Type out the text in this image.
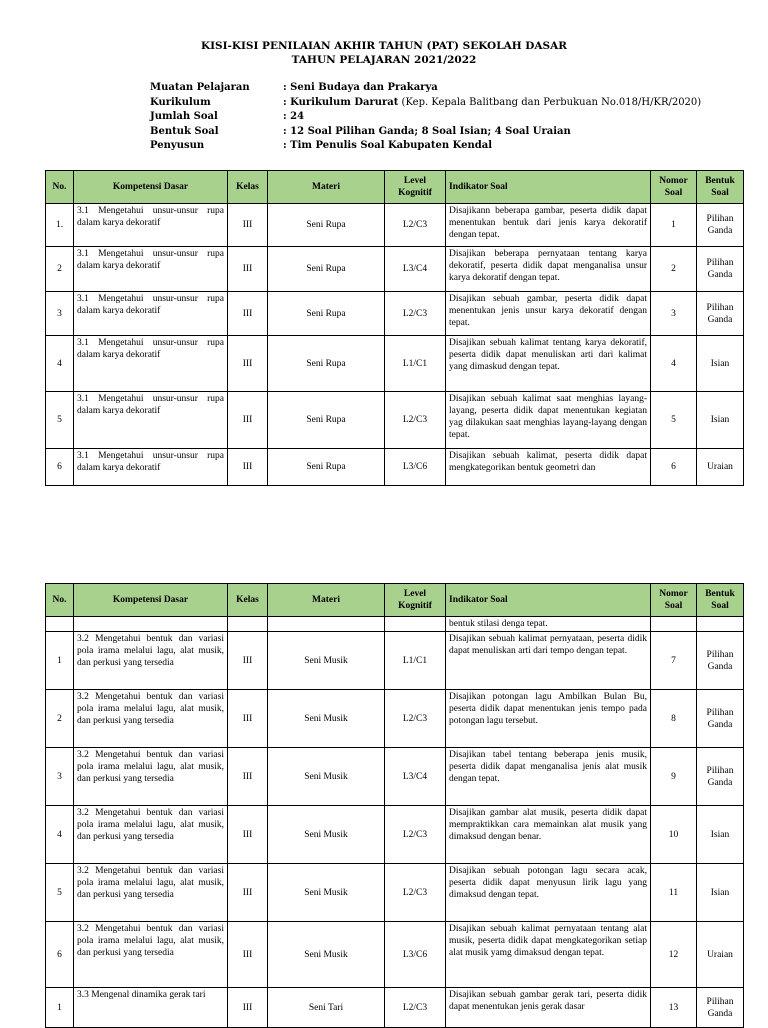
KISI-KISI PENILAIAN AKHIR TAHUN (PAT) SEKOLAH DASAR
TAHUN PELAJARAN 2021/2022
Muatan Pelajaran	: Seni Budaya dan Prakarya
Kurikulum	: Kurikulum Darurat (Kep. Kepala Balitbang dan Perbukuan No.018/H/KR/2020)
Jumlah Soal	: 24
Bentuk Soal	: 12 Soal Pilihan Ganda; 8 Soal Isian; 4 Soal Uraian
Penyusun	: Tim Penulis Soal Kabupaten Kendal
No.	Kompetensi Dasar	Kelas	Materi	Level Kognitif	Indikator Soal	Nomor Soal	Bentuk Soal
1.	3.1 Mengetahui unsur-unsur rupa dalam karya dekoratif	III	Seni Rupa	L2/C3	Disajikann beberapa gambar, peserta didik dapat menentukan bentuk dari jenis karya dekoratif dengan tepat.	1	Pilihan Ganda
2	3.1 Mengetahui unsur-unsur rupa dalam karya dekoratif	III	Seni Rupa	L3/C4	Disajikan beberapa pernyataan tentang karya dekoratif, peserta didik dapat menganalisa unsur karya dekoratif dengan tepat.	2	Pilihan Ganda
3	3.1 Mengetahui unsur-unsur rupa dalam karya dekoratif	III	Seni Rupa	L2/C3	Disajikan sebuah gambar, peserta didik dapat menentukan jenis unsur karya dekoratif dengan tepat.	3	Pilihan Ganda
4	3.1 Mengetahui unsur-unsur rupa dalam karya dekoratif	III	Seni Rupa	L1/C1	Disajikan sebuah kalimat tentang karya dekoratif, peserta didik dapat menuliskan arti dari kalimat yang dimaskud dengan tepat.	4	Isian
5	3.1 Mengetahui unsur-unsur rupa dalam karya dekoratif	III	Seni Rupa	L2/C3	Disajikan sebuah kalimat saat menghias layang-layang, peserta didik dapat menentukan kegiatan yag dilakukan saat menghias layang-layang dengan tepat.	5	Isian
6	3.1 Mengetahui unsur-unsur rupa dalam karya dekoratif	III	Seni Rupa	L3/C6	Disajikan sebuah kalimat, peserta didik dapat mengkategorikan bentuk geometri dan	6	Uraian
No.	Kompetensi Dasar	Kelas	Materi	Level Kognitif	Indikator Soal	Nomor Soal	Bentuk Soal
					bentuk stilasi denga tepat.		
1	3.2 Mengetahui bentuk dan variasi pola irama melalui lagu, alat musik, dan perkusi yang tersedia	III	Seni Musik	L1/C1	Disajikan sebuah kalimat pernyataan, peserta didik dapat menuliskan arti dari tempo dengan tepat.	7	Pilihan Ganda
2	3.2 Mengetahui bentuk dan variasi pola irama melalui lagu, alat musik, dan perkusi yang tersedia	III	Seni Musik	L2/C3	Disajikan potongan lagu Ambilkan Bulan Bu, peserta didik dapat menentukan jenis tempo pada potongan lagu tersebut.	8	Pilihan Ganda
3	3.2 Mengetahui bentuk dan variasi pola irama melalui lagu, alat musik, dan perkusi yang tersedia	III	Seni Musik	L3/C4	Disajikan tabel tentang beberapa jenis musik, peserta didik dapat menganalisa jenis alat musik dengan tepat.	9	Pilihan Ganda
4	3.2 Mengetahui bentuk dan variasi pola irama melalui lagu, alat musik, dan perkusi yang tersedia	III	Seni Musik	L2/C3	Disajikan gambar alat musik, peserta didik dapat mempraktikkan cara memainkan alat musik yang dimaksud dengan benar.	10	Isian
5	3.2 Mengetahui bentuk dan variasi pola irama melalui lagu, alat musik, dan perkusi yang tersedia	III	Seni Musik	L2/C3	Disajikan sebuah potongan lagu secara acak, peserta didik dapat menyusun lirik lagu yang dimaksud dengan tepat.	11	Isian
6	3.2 Mengetahui bentuk dan variasi pola irama melalui lagu, alat musik, dan perkusi yang tersedia	III	Seni Musik	L3/C6	Disajikan sebuah kalimat pernyataan tentang alat musik, peserta didik dapat mengkategorikan setiap alat musik yamg dimaksud dengan tepat.	12	Uraian
1	3.3 Mengenal dinamika gerak tari	III	Seni Tari	L2/C3	Disajikan sebuah gambar gerak tari, peserta didik dapat menentukan jenis gerak dasar	13	Pilihan Ganda
